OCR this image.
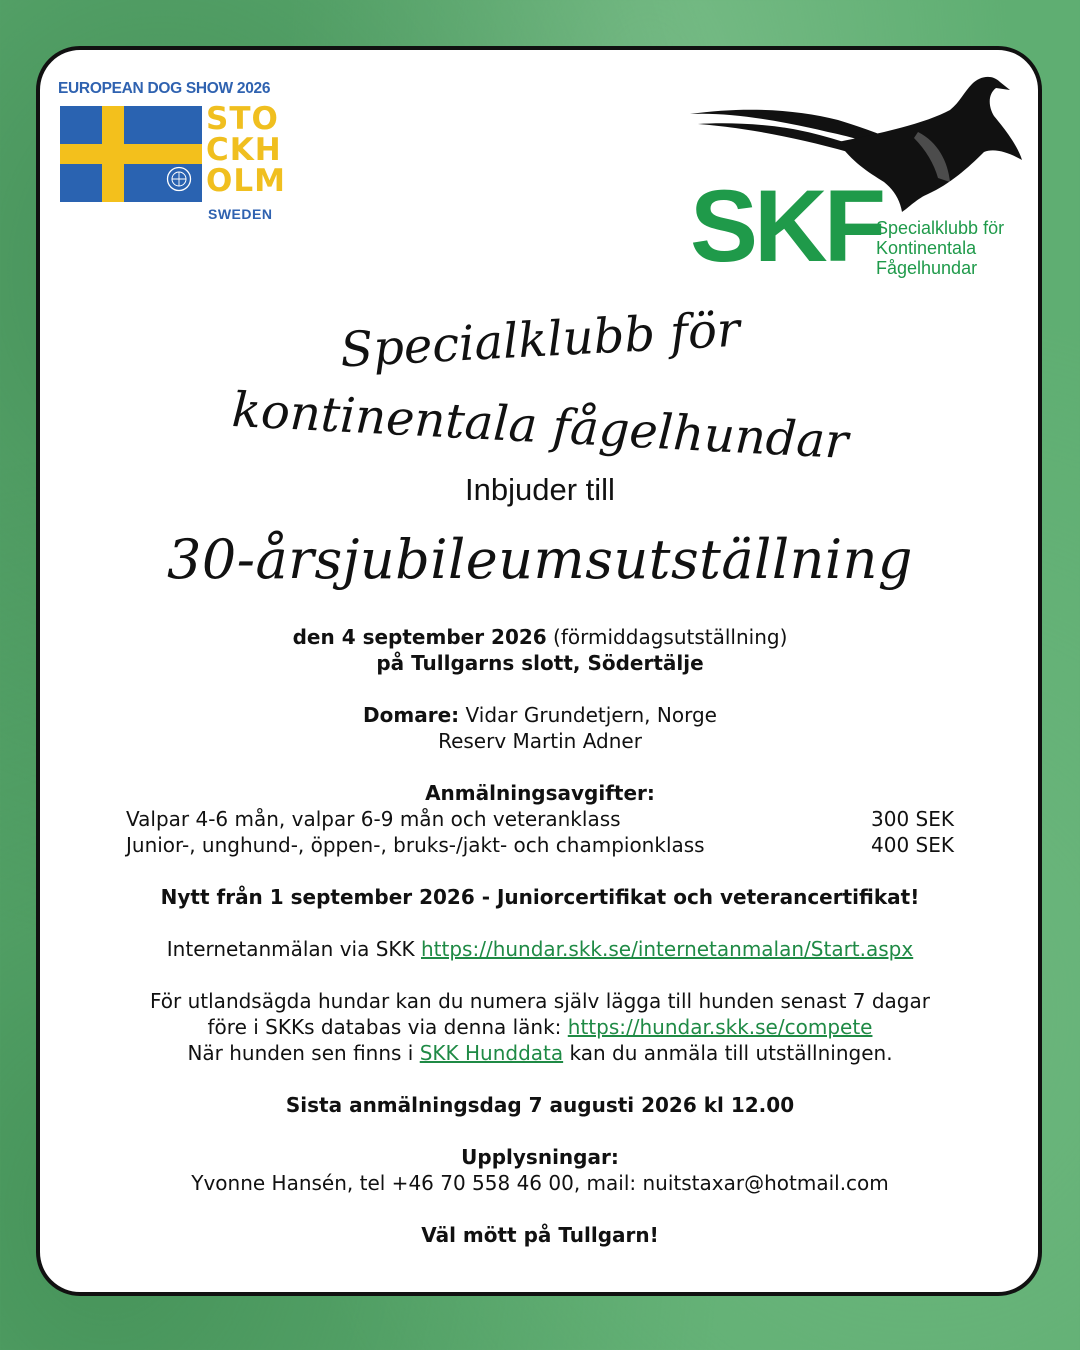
EUROPEAN DOG SHOW 2026
STO
CKH
OLM
SWEDEN	SKF
Specialklubb för
Kontinentala
Fågelhundar
Specialklubb för
kontinentala fågelhundar
Inbjuder till
30-årsjubileumsutställning

den 4 september 2026 (förmiddagsutställning)

på Tullgarns slott, Södertälje

Domare: Vidar Grundetjern, Norge

Reserv Martin Adner

Anmälningsavgifter:

Valpar 4-6 mån, valpar 6-9 mån och veteranklass	300 SEK
Junior-, unghund-, öppen-, bruks-/jakt- och championklass	400 SEK

Nytt från 1 september 2026 - Juniorcertifikat och veterancertifikat!

Internetanmälan via SKK https://hundar.skk.se/internetanmalan/Start.aspx

För utlandsägda hundar kan du numera själv lägga till hunden senast 7 dagar

före i SKKs databas via denna länk: https://hundar.skk.se/compete

När hunden sen finns i SKK Hunddata kan du anmäla till utställningen.

Sista anmälningsdag 7 augusti 2026 kl 12.00

Upplysningar:

Yvonne Hansén, tel +46 70 558 46 00, mail: nuitstaxar@hotmail.com

Väl mött på Tullgarn!
